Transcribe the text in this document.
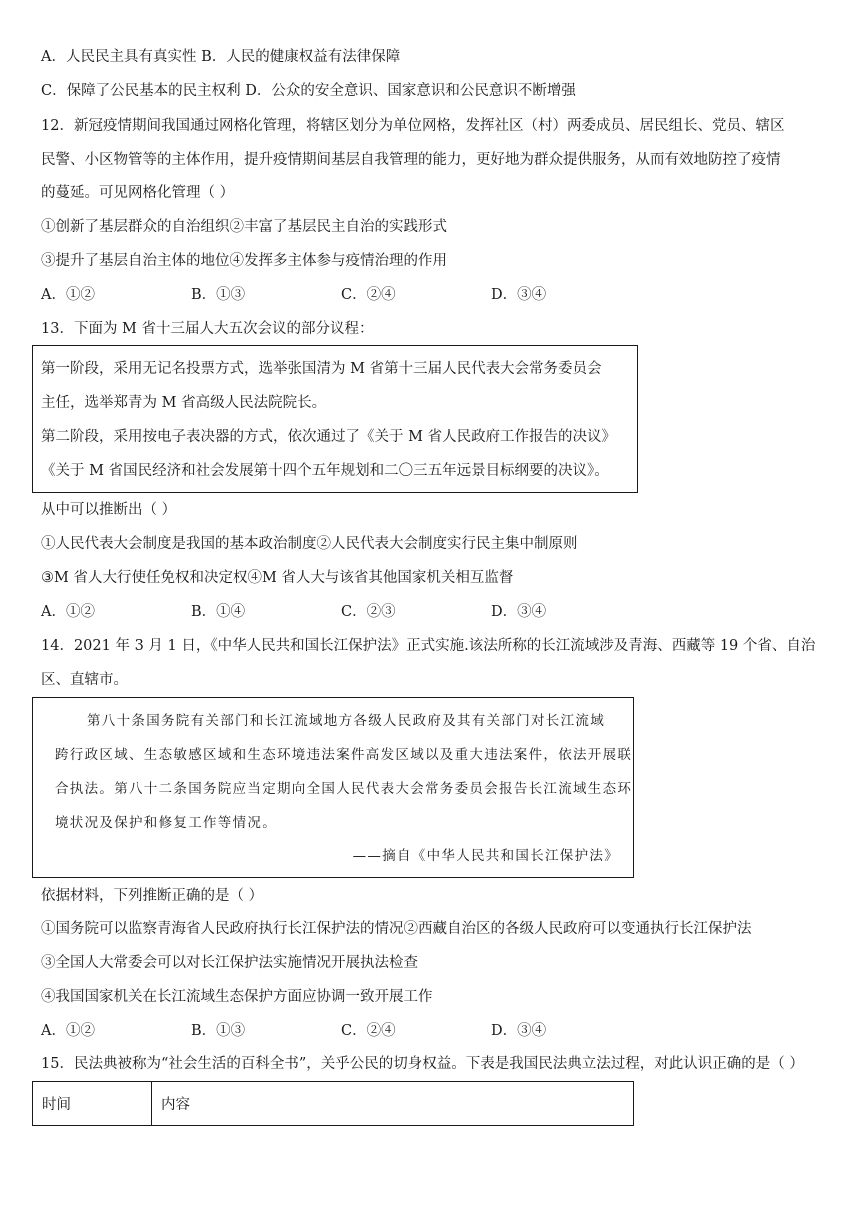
A．人民民主具有真实性 B．人民的健康权益有法律保障
C．保障了公民基本的民主权利 D．公众的安全意识、国家意识和公民意识不断增强
12．新冠疫情期间我国通过网格化管理，将辖区划分为单位网格，发挥社区（村）两委成员、居民组长、党员、辖区
民警、小区物管等的主体作用，提升疫情期间基层自我管理的能力，更好地为群众提供服务，从而有效地防控了疫情
的蔓延。可见网格化管理（ ）
①创新了基层群众的自治组织②丰富了基层民主自治的实践形式
③提升了基层自治主体的地位④发挥多主体参与疫情治理的作用
A．①②	B．①③	C．②④	D．③④
13．下面为 M 省十三届人大五次会议的部分议程：
第一阶段，采用无记名投票方式，选举张国清为 M 省第十三届人民代表大会常务委员会
主任，选举郑青为 M 省高级人民法院院长。
第二阶段，采用按电子表决器的方式，依次通过了《关于 M 省人民政府工作报告的决议》
《关于 M 省国民经济和社会发展第十四个五年规划和二〇三五年远景目标纲要的决议》。
从中可以推断出（ ）
①人民代表大会制度是我国的基本政治制度②人民代表大会制度实行民主集中制原则
③M 省人大行使任免权和决定权④M 省人大与该省其他国家机关相互监督
A．①②	B．①④	C．②③	D．③④
14．2021 年 3 月 1 日，《中华人民共和国长江保护法》正式实施.该法所称的长江流域涉及青海、西藏等 19 个省、自治
区、直辖市。
第八十条国务院有关部门和长江流域地方各级人民政府及其有关部门对长江流域
跨行政区域、生态敏感区域和生态环境违法案件高发区域以及重大违法案件，依法开展联
合执法。第八十二条国务院应当定期向全国人民代表大会常务委员会报告长江流域生态环
境状况及保护和修复工作等情况。
——摘自《中华人民共和国长江保护法》
依据材料，下列推断正确的是（ ）
①国务院可以监察青海省人民政府执行长江保护法的情况②西藏自治区的各级人民政府可以变通执行长江保护法
③全国人大常委会可以对长江保护法实施情况开展执法检查
④我国国家机关在长江流域生态保护方面应协调一致开展工作
A．①②	B．①③	C．②④	D．③④
15．民法典被称为“社会生活的百科全书”，关乎公民的切身权益。下表是我国民法典立法过程，对此认识正确的是（ ）
时间	内容
